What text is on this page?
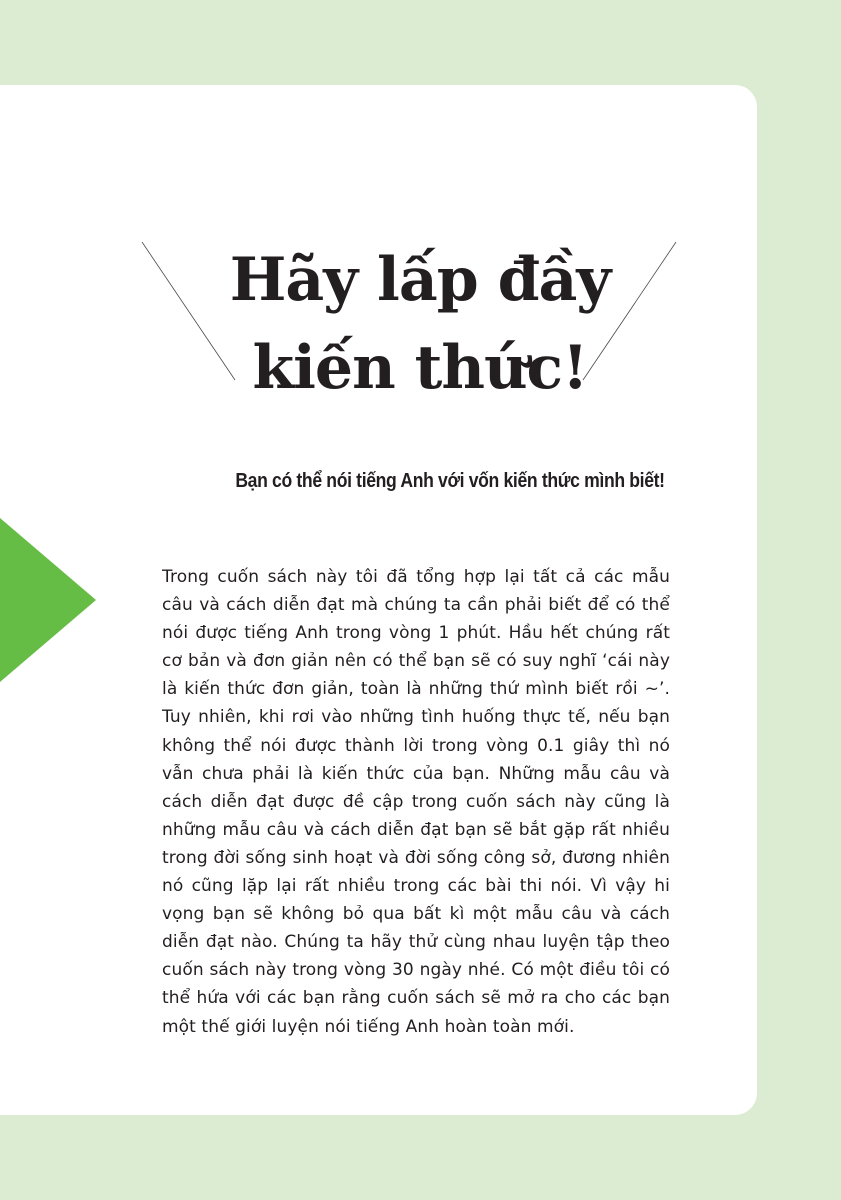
Hãy lấp đầy
kiến thức!

Bạn có thể nói tiếng Anh với vốn kiến thức mình biết!

Trong cuốn sách này tôi đã tổng hợp lại tất cả các mẫu câu và cách diễn đạt mà chúng ta cần phải biết để có thể nói được tiếng Anh trong vòng 1 phút. Hầu hết chúng rất cơ bản và đơn giản nên có thể bạn sẽ có suy nghĩ ‘cái này là kiến thức đơn giản, toàn là những thứ mình biết rồi ~’. Tuy nhiên, khi rơi vào những tình huống thực tế, nếu bạn không thể nói được thành lời trong vòng 0.1 giây thì nó vẫn chưa phải là kiến thức của bạn. Những mẫu câu và cách diễn đạt được đề cập trong cuốn sách này cũng là những mẫu câu và cách diễn đạt bạn sẽ bắt gặp rất nhiều trong đời sống sinh hoạt và đời sống công sở, đương nhiên nó cũng lặp lại rất nhiều trong các bài thi nói. Vì vậy hi vọng bạn sẽ không bỏ qua bất kì một mẫu câu và cách diễn đạt nào. Chúng ta hãy thử cùng nhau luyện tập theo cuốn sách này trong vòng 30 ngày nhé. Có một điều tôi có thể hứa với các bạn rằng cuốn sách sẽ mở ra cho các bạn một thế giới luyện nói tiếng Anh hoàn toàn mới.
